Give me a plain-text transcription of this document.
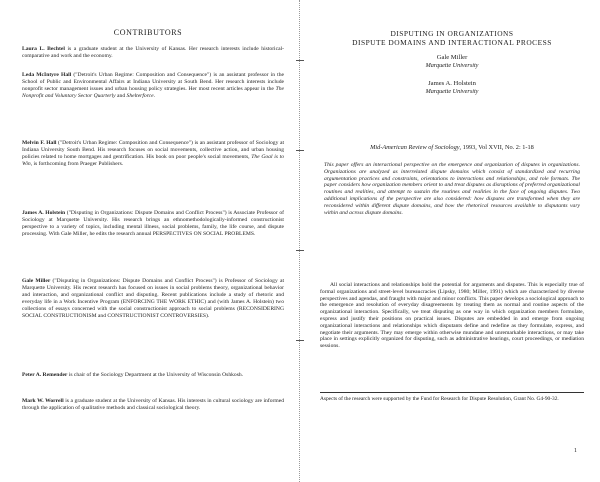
CONTRIBUTORS

Laura L. Bechtel is a graduate student at the University of Kansas. Her research interests include historical-comparative and work and the economy.

Leda McIntyre Hall ("Detroit's Urban Regime: Composition and Consequence") is an assistant professor in the School of Public and Environmental Affairs at Indiana University at South Bend. Her research interests include nonprofit sector management issues and urban housing policy strategies. Her most recent articles appear in the The Nonprofit and Voluntary Sector Quarterly and Shelterforce.

Melvin F. Hall ("Detroit's Urban Regime: Composition and Consequence") is an assistant professor of Sociology at Indiana University South Bend. His research focuses on social movements, collective action, and urban housing policies related to home mortgages and gentrification. His book on poor people's social movements, The Goal is to Win, is forthcoming from Praeger Publishers.

James A. Holstein ("Disputing in Organizations: Dispute Domains and Conflict Process") is Associate Professor of Sociology at Marquette University. His research brings an ethnomethodologically-informed constructionist perspective to a variety of topics, including mental illness, social problems, family, the life course, and dispute processing. With Gale Miller, he edits the research annual PERSPECTIVES ON SOCIAL PROBLEMS.

Gale Miller ("Disputing in Organizations: Dispute Domains and Conflict Process") is Professor of Sociology at Marquette University. His recent research has focused on issues in social problems theory, organizational behavior and interaction, and organizational conflict and disputing. Recent publications include a study of rhetoric and everyday life in a Work Incentive Program (ENFORCING THE WORK ETHIC) and (with James A. Holstein) two collections of essays concerned with the social constructionist approach to social problems (RECONSIDERING SOCIAL CONSTRUCTIONISM and CONSTRUCTIONIST CONTROVERSIES).

Peter A. Remender is chair of the Sociology Department at the University of Wisconsin Oshkosh.

Mark W. Worrell is a graduate student at the University of Kansas. His interests in cultural sociology are informed through the application of qualitative methods and classical sociological theory.

DISPUTING IN ORGANIZATIONS
DISPUTE DOMAINS AND INTERACTIONAL PROCESS
Gale Miller
Marquette University
James A. Holstein
Marquette University
Mid-American Review of Sociology, 1993, Vol XVII, No. 2: 1-18

This paper offers an interactional perspective on the emergence and organization of disputes in organizations. Organizations are analyzed as interrelated dispute domains which consist of standardized and recurring argumentation practices and constraints, orientations to interactions and relationships, and role formats. The paper considers how organization members orient to and treat disputes as disruptions of preferred organizational routines and realities, and attempt to sustain the routines and realities in the face of ongoing disputes. Two additional implications of the perspective are also considered: how disputes are transformed when they are reconsidered within different dispute domains, and how the rhetorical resources available to disputants vary within and across dispute domains.

All social interactions and relationships hold the potential for arguments and disputes. This is especially true of formal organizations and street-level bureaucracies (Lipsky, 1980; Miller, 1991) which are characterized by diverse perspectives and agendas, and fraught with major and minor conflicts. This paper develops a sociological approach to the emergence and resolution of everyday disagreements by treating them as normal and routine aspects of the organizational interaction. Specifically, we treat disputing as one way in which organization members formulate, express and justify their positions on practical issues. Disputes are embedded in and emerge from ongoing organizational interactions and relationships which disputants define and redefine as they formulate, express, and negotiate their arguments. They may emerge within otherwise mundane and unremarkable interactions, or may take place in settings explicitly organized for disputing, such as administrative hearings, court proceedings, or mediation sessions.

Aspects of the research were supported by the Fund for Research for Dispute Resolution, Grant No. G4-90-32.

1
